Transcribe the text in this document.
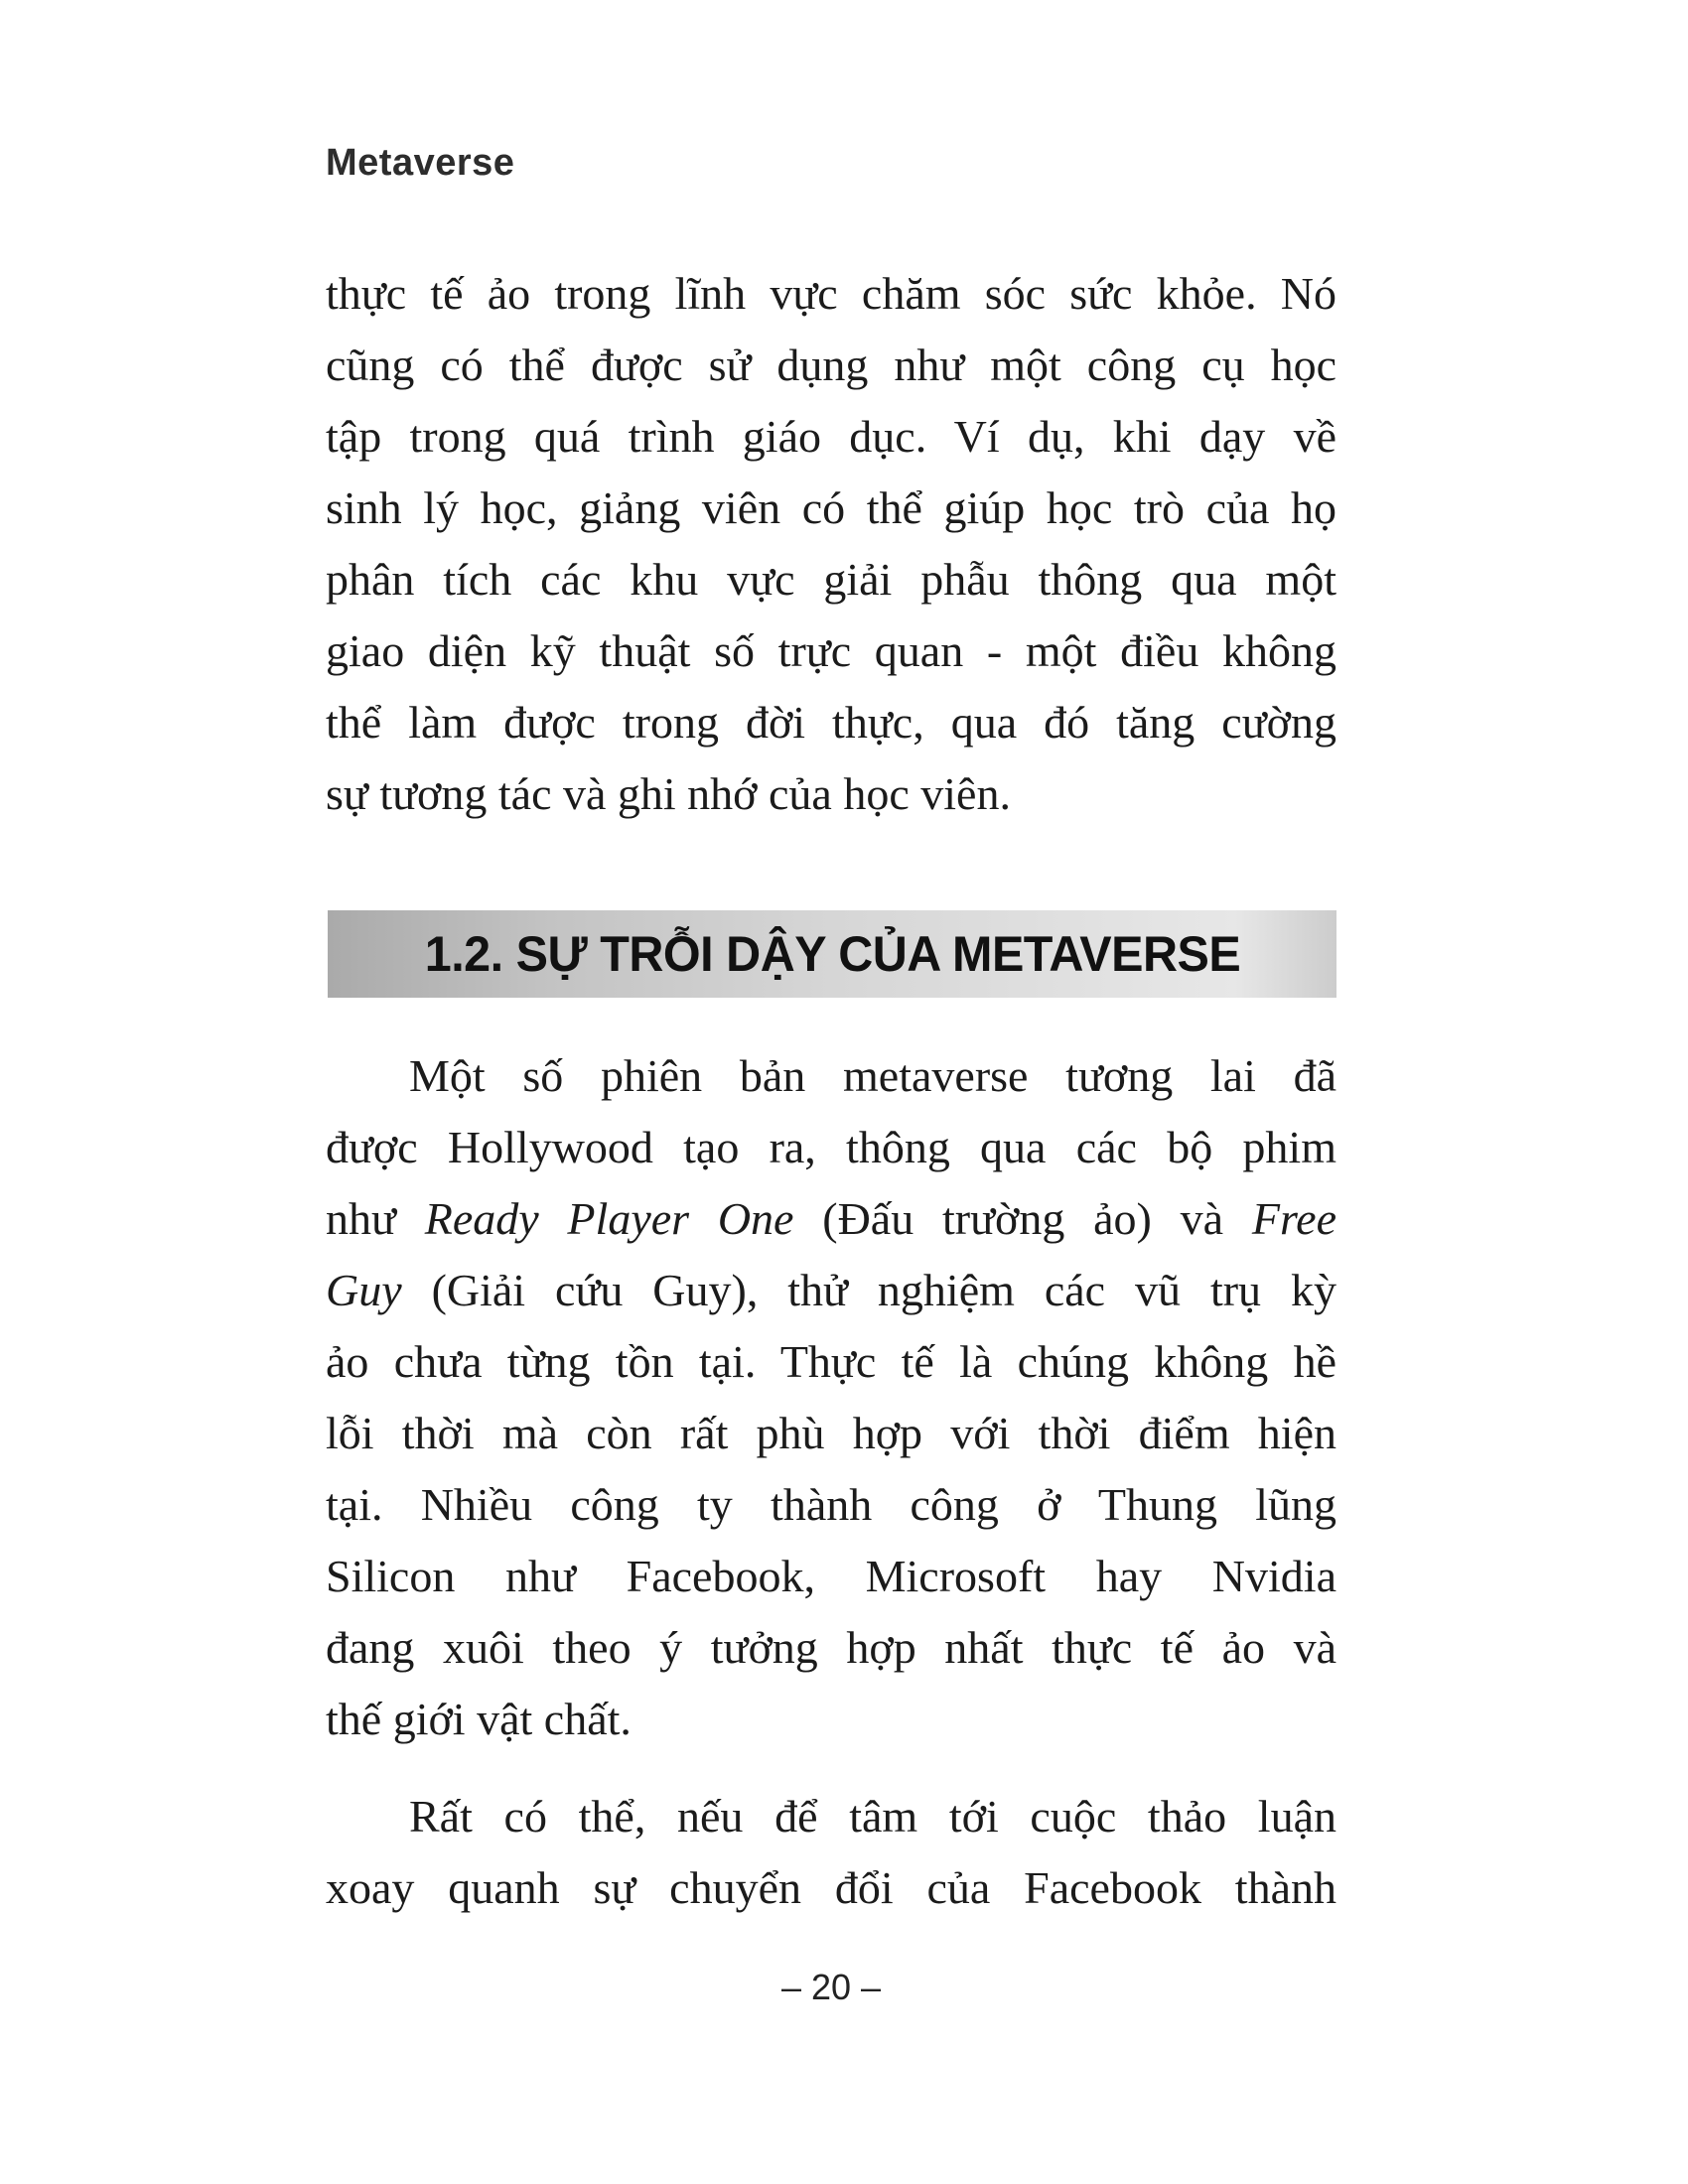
Metaverse
1.2. SỰ TRỖI DẬY CỦA METAVERSE
thực tế ảo trong lĩnh vực chăm sóc sức khỏe. Nó
cũng có thể được sử dụng như một công cụ học
tập trong quá trình giáo dục. Ví dụ, khi dạy về
sinh lý học, giảng viên có thể giúp học trò của họ
phân tích các khu vực giải phẫu thông qua một
giao diện kỹ thuật số trực quan - một điều không
thể làm được trong đời thực, qua đó tăng cường
sự tương tác và ghi nhớ của học viên.
Một số phiên bản metaverse tương lai đã
được Hollywood tạo ra, thông qua các bộ phim
như Ready Player One (Đấu trường ảo) và Free
Guy (Giải cứu Guy), thử nghiệm các vũ trụ kỳ
ảo chưa từng tồn tại. Thực tế là chúng không hề
lỗi thời mà còn rất phù hợp với thời điểm hiện
tại. Nhiều công ty thành công ở Thung lũng
Silicon như Facebook, Microsoft hay Nvidia
đang xuôi theo ý tưởng hợp nhất thực tế ảo và
thế giới vật chất.
Rất có thể, nếu để tâm tới cuộc thảo luận
xoay quanh sự chuyển đổi của Facebook thành
– 20 –
